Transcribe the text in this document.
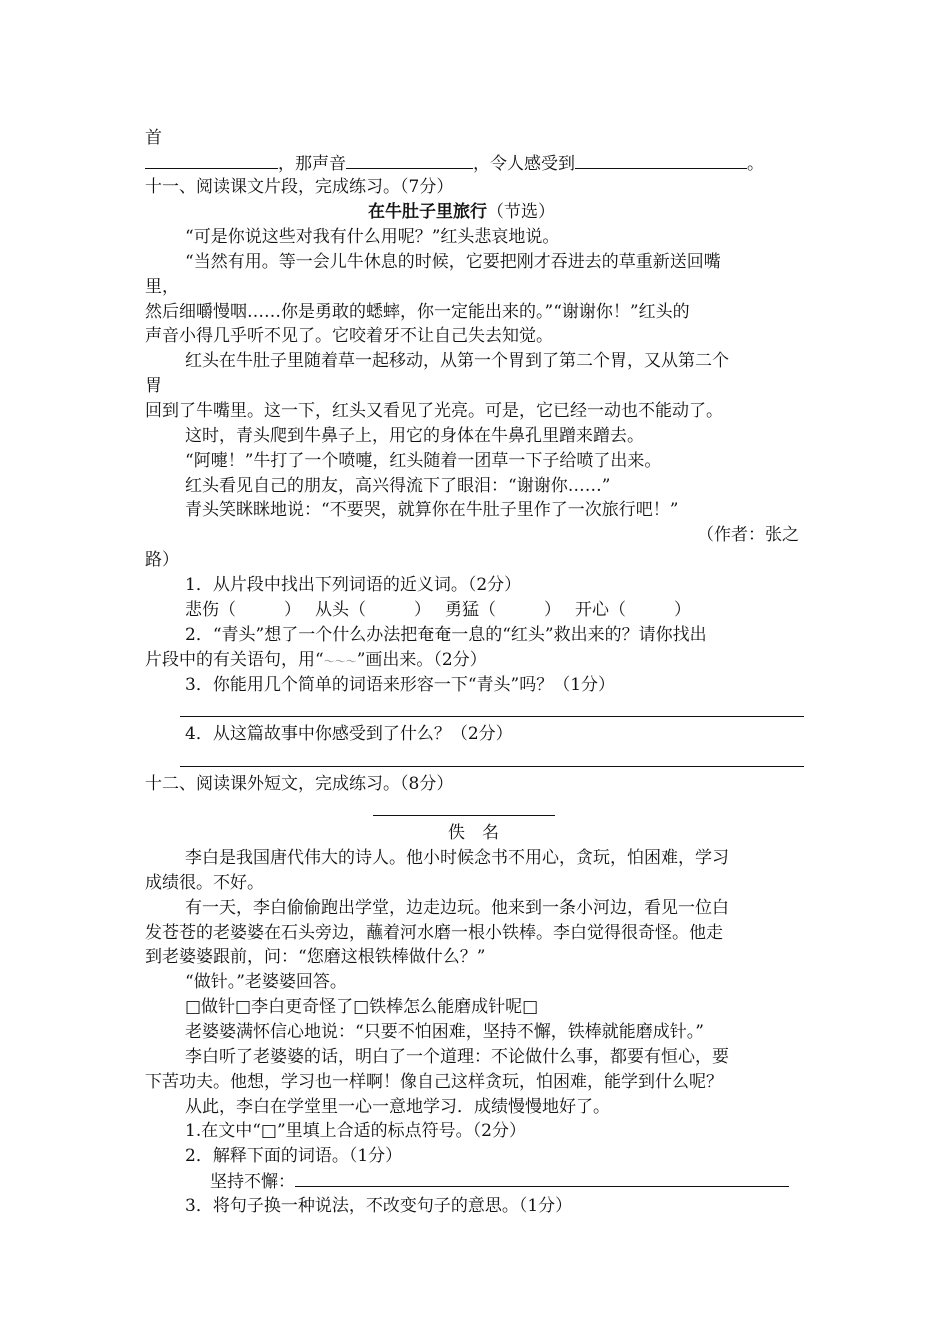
首
，那声音	，令人感受到	。
十一、阅读课文片段，完成练习。（7分）
在牛肚子里旅行（节选）
“可是你说这些对我有什么用呢？”红头悲哀地说。
“当然有用。等一会儿牛休息的时候，它要把刚才吞进去的草重新送回嘴
里，
然后细嚼慢咽……你是勇敢的蟋蟀，你一定能出来的。”“谢谢你！”红头的
声音小得几乎听不见了。它咬着牙不让自己失去知觉。
红头在牛肚子里随着草一起移动，从第一个胃到了第二个胃，又从第二个
胃
回到了牛嘴里。这一下，红头又看见了光亮。可是，它已经一动也不能动了。
这时，青头爬到牛鼻子上，用它的身体在牛鼻孔里蹭来蹭去。
“阿嚏！”牛打了一个喷嚏，红头随着一团草一下子给喷了出来。
红头看见自己的朋友，高兴得流下了眼泪：“谢谢你……”
青头笑眯眯地说：“不要哭，就算你在牛肚子里作了一次旅行吧！”
（作者：张之
路）
1．从片段中找出下列词语的近义词。（2分）
悲伤（	） 从头（	） 勇猛（	） 开心（	）
2．“青头”想了一个什么办法把奄奄一息的“红头”救出来的？请你找出
片段中的有关语句，用“～～～”画出来。（2分）
3．你能用几个简单的词语来形容一下“青头”吗？（1分）
4．从这篇故事中你感受到了什么？（2分）
十二、阅读课外短文，完成练习。（8分）
佚　名
李白是我国唐代伟大的诗人。他小时候念书不用心，贪玩，怕困难，学习
成绩很。不好。
有一天，李白偷偷跑出学堂，边走边玩。他来到一条小河边，看见一位白
发苍苍的老婆婆在石头旁边，蘸着河水磨一根小铁棒。李白觉得很奇怪。他走
到老婆婆跟前，问：“您磨这根铁棒做什么？”
“做针。”老婆婆回答。
□做针□李白更奇怪了□铁棒怎么能磨成针呢□
老婆婆满怀信心地说：“只要不怕困难，坚持不懈，铁棒就能磨成针。”
李白听了老婆婆的话，明白了一个道理：不论做什么事，都要有恒心，要
下苦功夫。他想，学习也一样啊！像自己这样贪玩，怕困难，能学到什么呢？
从此，李白在学堂里一心一意地学习．成绩慢慢地好了。
1.在文中“□”里填上合适的标点符号。（2分）
2．解释下面的词语。（1分）
坚持不懈：
3．将句子换一种说法，不改变句子的意思。（1分）
